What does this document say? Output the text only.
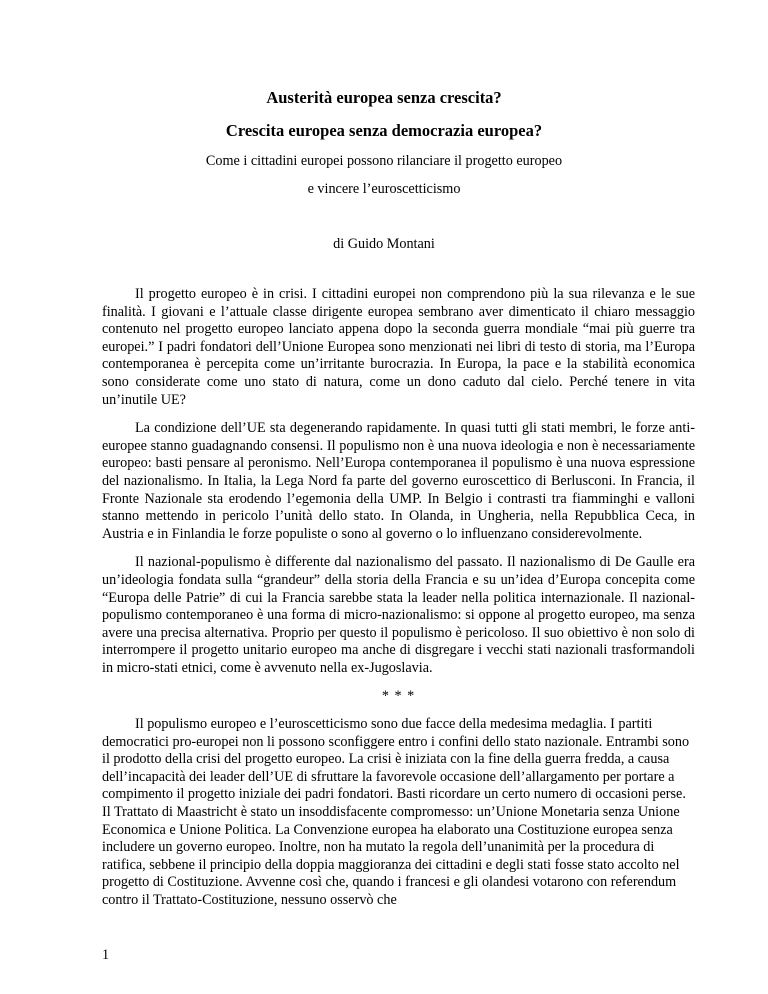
Austerità europea senza crescita?
Crescita europea senza democrazia europea?
Come i cittadini europei possono rilanciare il progetto europeo
e vincere l’euroscetticismo
di Guido Montani

Il progetto europeo è in crisi. I cittadini europei non comprendono più la sua rilevanza e le sue finalità. I giovani e l’attuale classe dirigente europea sembrano aver dimenticato il chiaro messaggio contenuto nel progetto europeo lanciato appena dopo la seconda guerra mondiale “mai più guerre tra europei.” I padri fondatori dell’Unione Europea sono menzionati nei libri di testo di storia, ma l’Europa contemporanea è percepita come un’irritante burocrazia. In Europa, la pace e la stabilità economica sono considerate come uno stato di natura, come un dono caduto dal cielo. Perché tenere in vita un’inutile UE?

La condizione dell’UE sta degenerando rapidamente. In quasi tutti gli stati membri, le forze anti-europee stanno guadagnando consensi. Il populismo non è una nuova ideologia e non è necessariamente europeo: basti pensare al peronismo. Nell’Europa contemporanea il populismo è una nuova espressione del nazionalismo. In Italia, la Lega Nord fa parte del governo euroscettico di Berlusconi. In Francia, il Fronte Nazionale sta erodendo l’egemonia della UMP. In Belgio i contrasti tra fiamminghi e valloni stanno mettendo in pericolo l’unità dello stato. In Olanda, in Ungheria, nella Repubblica Ceca, in Austria e in Finlandia le forze populiste o sono al governo o lo influenzano considerevolmente.

Il nazional-populismo è differente dal nazionalismo del passato. Il nazionalismo di De Gaulle era un’ideologia fondata sulla “grandeur” della storia della Francia e su un’idea d’Europa concepita come “Europa delle Patrie” di cui la Francia sarebbe stata la leader nella politica internazionale. Il nazional-populismo contemporaneo è una forma di micro-nazionalismo: si oppone al progetto europeo, ma senza avere una precisa alternativa. Proprio per questo il populismo è pericoloso. Il suo obiettivo è non solo di interrompere il progetto unitario europeo ma anche di disgregare i vecchi stati nazionali trasformandoli in micro-stati etnici, come è avvenuto nella ex-Jugoslavia.

* * *

Il populismo europeo e l’euroscetticismo sono due facce della medesima medaglia. I partiti democratici pro-europei non li possono sconfiggere entro i confini dello stato nazionale. Entrambi sono il prodotto della crisi del progetto europeo. La crisi è iniziata con la fine della guerra fredda, a causa dell’incapacità dei leader dell’UE di sfruttare la favorevole occasione dell’allargamento per portare a compimento il progetto iniziale dei padri fondatori. Basti ricordare un certo numero di occasioni perse. Il Trattato di Maastricht è stato un insoddisfacente compromesso: un’Unione Monetaria senza Unione Economica e Unione Politica. La Convenzione europea ha elaborato una Costituzione europea senza includere un governo europeo. Inoltre, non ha mutato la regola dell’unanimità per la procedura di ratifica, sebbene il principio della doppia maggioranza dei cittadini e degli stati fosse stato accolto nel progetto di Costituzione. Avvenne così che, quando i francesi e gli olandesi votarono con referendum contro il Trattato-Costituzione, nessuno osservò che

1
